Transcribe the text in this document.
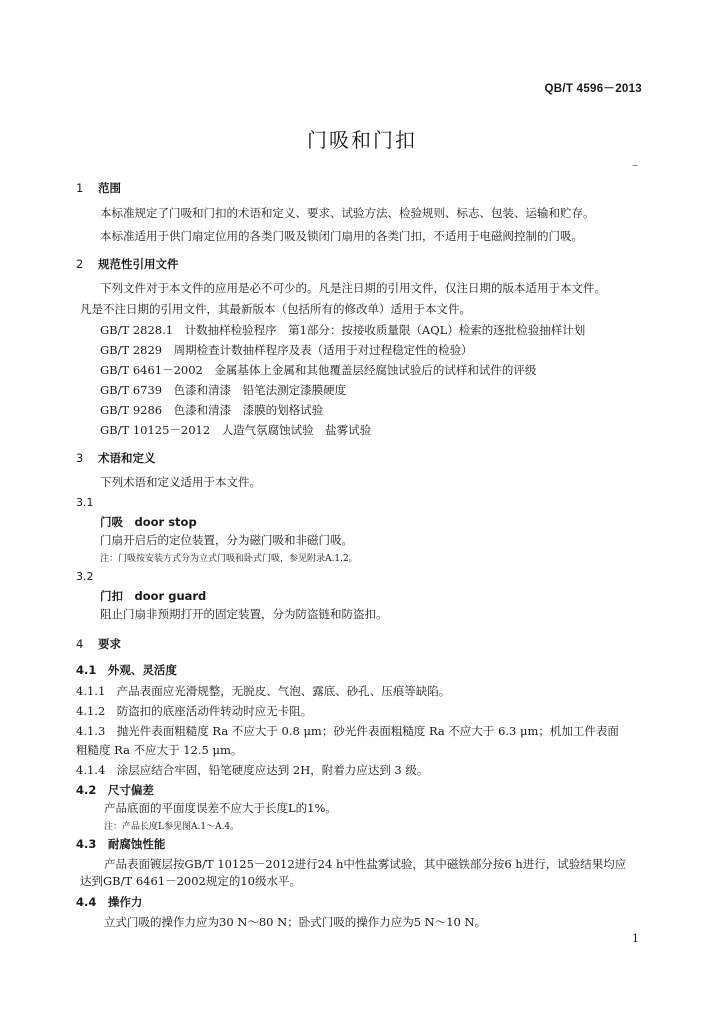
QB/T 4596－2013
门吸和门扣
‒
1 范围
本标准规定了门吸和门扣的术语和定义、要求、试验方法、检验规则、标志、包装、运输和贮存。
本标准适用于供门扇定位用的各类门吸及锁闭门扇用的各类门扣，不适用于电磁阀控制的门吸。
2 规范性引用文件
下列文件对于本文件的应用是必不可少的。凡是注日期的引用文件，仅注日期的版本适用于本文件。
凡是不注日期的引用文件，其最新版本（包括所有的修改单）适用于本文件。
GB/T 2828.1　计数抽样检验程序　第1部分：按接收质量限（AQL）检索的逐批检验抽样计划
GB/T 2829　周期检查计数抽样程序及表（适用于对过程稳定性的检验）
GB/T 6461－2002　金属基体上金属和其他覆盖层经腐蚀试验后的试样和试件的评级
GB/T 6739　色漆和清漆　铅笔法测定漆膜硬度
GB/T 9286　色漆和清漆　漆膜的划格试验
GB/T 10125－2012　人造气氛腐蚀试验　盐雾试验
3 术语和定义
下列术语和定义适用于本文件。
3.1
门吸　door stop
门扇开启后的定位装置，分为磁门吸和非磁门吸。
注：门吸按安装方式分为立式门吸和卧式门吸，参见附录A.1.2。
3.2
门扣　door guard
阻止门扇非预期打开的固定装置，分为防盗链和防盗扣。
4 要求
4.1　外观、灵活度
4.1.1　产品表面应光滑规整，无脱皮、气泡、露底、砂孔、压痕等缺陷。
4.1.2　防盗扣的底座活动件转动时应无卡阻。
4.1.3　抛光件表面粗糙度 Ra 不应大于 0.8 μm；砂光件表面粗糙度 Ra 不应大于 6.3 μm；机加工件表面
粗糙度 Ra 不应大于 12.5 μm。
4.1.4　涂层应结合牢固，铅笔硬度应达到 2H，附着力应达到 3 级。
4.2　尺寸偏差
产品底面的平面度误差不应大于长度L的1%。
注：产品长度L参见图A.1～A.4。
4.3　耐腐蚀性能
产品表面镀层按GB/T 10125－2012进行24 h中性盐雾试验，其中磁铁部分按6 h进行，试验结果均应
达到GB/T 6461－2002规定的10级水平。
4.4　操作力
立式门吸的操作力应为30 N～80 N；卧式门吸的操作力应为5 N～10 N。
1
